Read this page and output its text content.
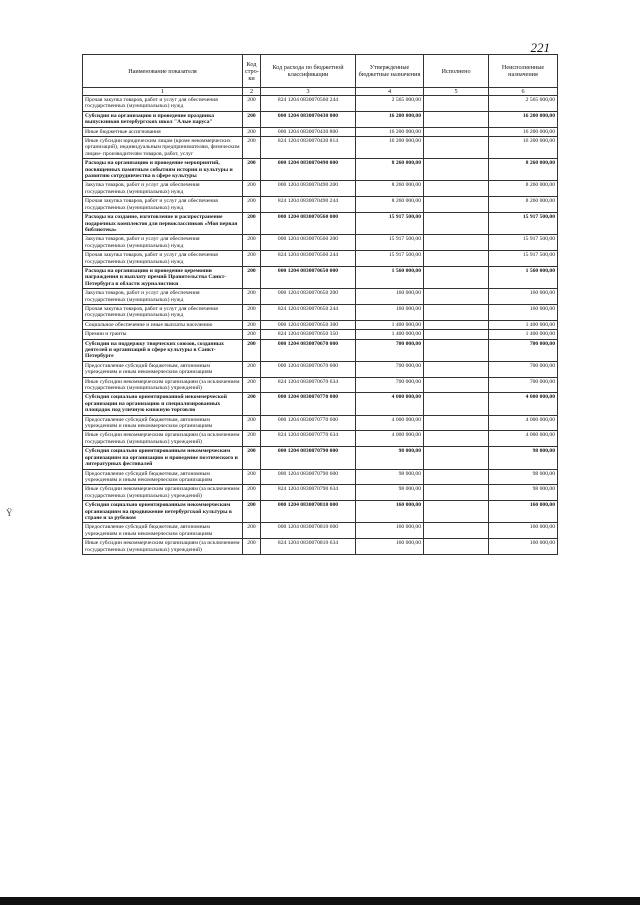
221
Ÿ
Наименование показателя	Код стро-ки	Код расхода по бюджетной классификации	Утвержденные бюджетные назначения	Исполнено	Неисполненные назначения
1	2	3	4	5	6
Прочая закупка товаров, работ и услуг для обеспечения государственных (муниципальных) нужд	200	824 1204 0830070560 244	2 565 000,00		2 565 000,00
Субсидия на организацию и проведение праздника выпускников петербургских школ "Алые паруса"	200	000 1204 0830070430 000	16 200 000,00		16 200 000,00
Иные бюджетные ассигнования	200	000 1204 0830070430 800	16 200 000,00		16 200 000,00
Иные субсидии юридическим лицам (кроме некоммерческих организаций), индивидуальным предпринимателям, физическим лицам- производителям товаров, работ, услуг	200	824 1204 0830070430 814	16 200 000,00		16 200 000,00
Расходы на организацию и проведение мероприятий, посвященных памятным событиям истории и культуры и развитию сотрудничества в сфере культуры	200	000 1204 0830070490 000	8 260 000,00		8 260 000,00
Закупка товаров, работ и услуг для обеспечения государственных (муниципальных) нужд	200	000 1204 0830070490 200	8 260 000,00		8 260 000,00
Прочая закупка товаров, работ и услуг для обеспечения государственных (муниципальных) нужд	200	824 1204 0830070490 244	8 260 000,00		8 260 000,00
Расходы на создание, изготовление и распространение подарочных комплектов для первоклассников «Моя первая библиотека»	200	000 1204 0830070560 000	15 917 500,00		15 917 500,00
Закупка товаров, работ и услуг для обеспечения государственных (муниципальных) нужд	200	000 1204 0830070560 200	15 917 500,00		15 917 500,00
Прочая закупка товаров, работ и услуг для обеспечения государственных (муниципальных) нужд	200	824 1204 0830070560 244	15 917 500,00		15 917 500,00
Расходы на организацию и проведение церемонии награждения и выплату премий Правительства Санкт-Петербурга в области журналистики	200	000 1204 0830070650 000	1 560 000,00		1 560 000,00
Закупка товаров, работ и услуг для обеспечения государственных (муниципальных) нужд	200	000 1204 0830070650 200	160 000,00		160 000,00
Прочая закупка товаров, работ и услуг для обеспечения государственных (муниципальных) нужд	200	824 1204 0830070650 244	160 000,00		160 000,00
Социальное обеспечение и иные выплаты населению	200	000 1204 0830070650 300	1 400 000,00		1 400 000,00
Премии и гранты	200	824 1204 0830070650 350	1 400 000,00		1 400 000,00
Субсидии на поддержку творческих союзов, созданных деятелей и организаций в сфере культуры в Санкт-Петербурге	200	000 1204 0830070670 000	700 000,00		700 000,00
Предоставление субсидий бюджетным, автономным учреждениям и иным некоммерческим организациям	200	000 1204 0830070670 600	700 000,00		700 000,00
Иные субсидии некоммерческим организациям (за исключением государственных (муниципальных) учреждений)	200	824 1204 0830070670 634	700 000,00		700 000,00
Субсидия социально ориентированной некоммерческой организации на организацию и специализированных площадок под уличную книжную торговлю	200	000 1204 0830070770 000	4 000 000,00		4 000 000,00
Предоставление субсидий бюджетным, автономным учреждениям и иным некоммерческим организациям	200	000 1204 0830070770 600	4 000 000,00		4 000 000,00
Иные субсидии некоммерческим организациям (за исключением государственных (муниципальных) учреждений)	200	824 1204 0830070770 634	4 000 000,00		4 000 000,00
Субсидия социально ориентированным некоммерческим организациям на организацию и проведение поэтического и литературных фестивалей	200	000 1204 0830070790 000	98 000,00		98 000,00
Предоставление субсидий бюджетным, автономным учреждениям и иным некоммерческим организациям	200	000 1204 0830070790 600	98 000,00		98 000,00
Иные субсидии некоммерческим организациям (за исключением государственных (муниципальных) учреждений)	200	824 1204 0830070790 634	98 000,00		98 000,00
Субсидия социально ориентированным некоммерческим организациям на продвижение петербургской культуры в стране и за рубежом	200	000 1204 0830070810 000	160 000,00		160 000,00
Предоставление субсидий бюджетным, автономным учреждениям и иным некоммерческим организациям	200	000 1204 0830070810 600	160 000,00		160 000,00
Иные субсидии некоммерческим организациям (за исключением государственных (муниципальных) учреждений)	200	824 1204 0830070810 634	160 000,00		160 000,00
